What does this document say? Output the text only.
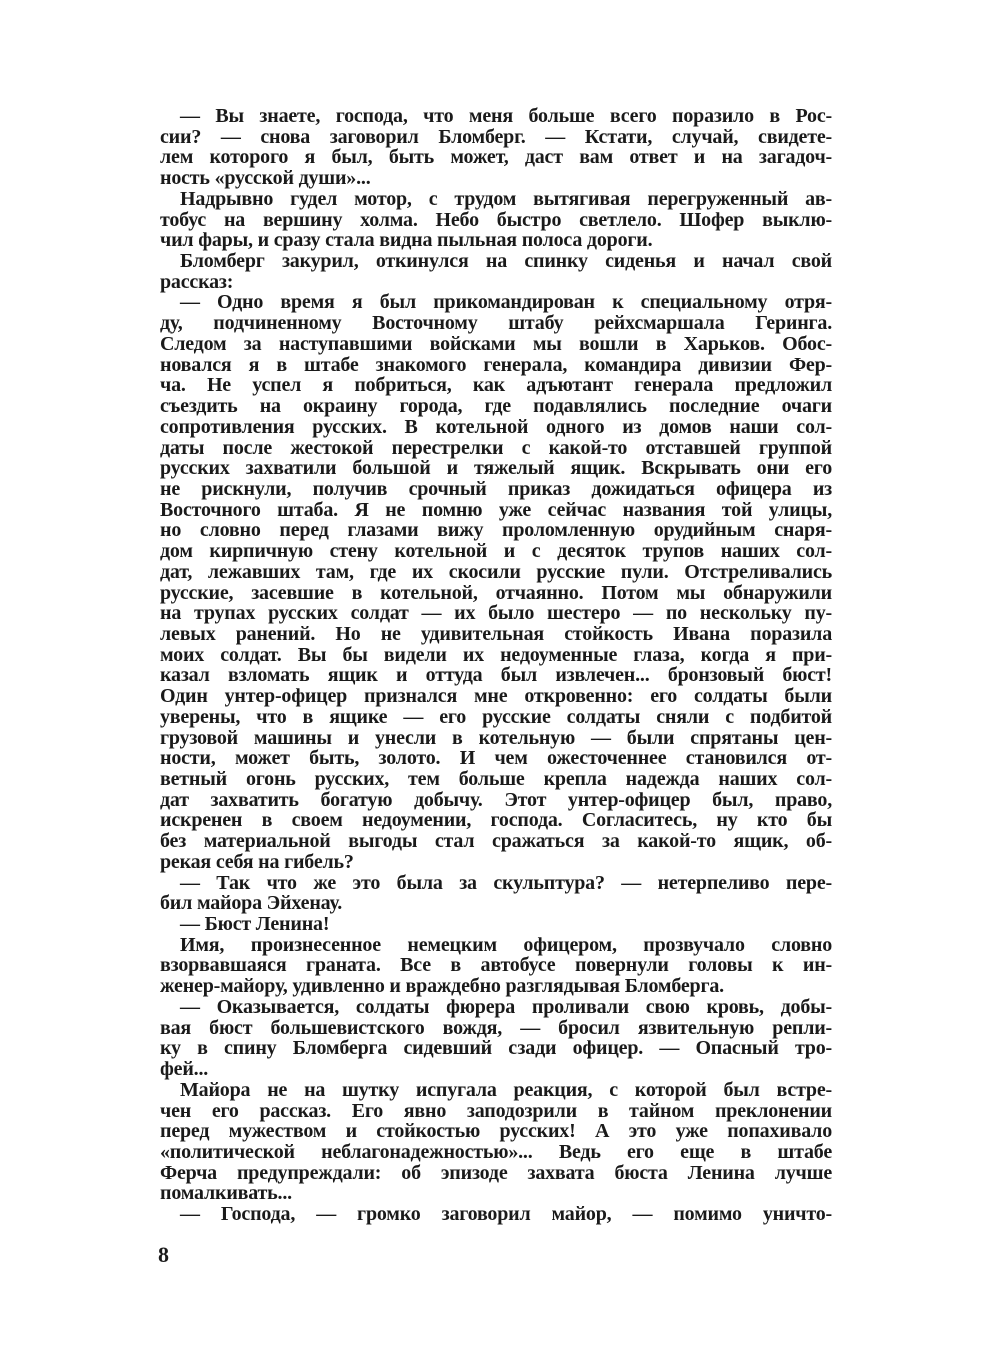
— Вы знаете, господа, что меня больше всего поразило в Рос-
сии? — снова заговорил Бломберг. — Кстати, случай, свидете-
лем которого я был, быть может, даст вам ответ и на загадоч-
ность «русской души»...
Надрывно гудел мотор, с трудом вытягивая перегруженный ав-
тобус на вершину холма. Небо быстро светлело. Шофер выклю-
чил фары, и сразу стала видна пыльная полоса дороги.
Бломберг закурил, откинулся на спинку сиденья и начал свой
рассказ:
— Одно время я был прикомандирован к специальному отря-
ду, подчиненному Восточному штабу рейхсмаршала Геринга.
Следом за наступавшими войсками мы вошли в Харьков. Обос-
новался я в штабе знакомого генерала, командира дивизии Фер-
ча. Не успел я побриться, как адъютант генерала предложил
съездить на окраину города, где подавлялись последние очаги
сопротивления русских. В котельной одного из домов наши сол-
даты после жестокой перестрелки с какой-то отставшей группой
русских захватили большой и тяжелый ящик. Вскрывать они его
не рискнули, получив срочный приказ дожидаться офицера из
Восточного штаба. Я не помню уже сейчас названия той улицы,
но словно перед глазами вижу проломленную орудийным снаря-
дом кирпичную стену котельной и с десяток трупов наших сол-
дат, лежавших там, где их скосили русские пули. Отстреливались
русские, засевшие в котельной, отчаянно. Потом мы обнаружили
на трупах русских солдат — их было шестеро — по нескольку пу-
левых ранений. Но не удивительная стойкость Ивана поразила
моих солдат. Вы бы видели их недоуменные глаза, когда я при-
казал взломать ящик и оттуда был извлечен... бронзовый бюст!
Один унтер-офицер признался мне откровенно: его солдаты были
уверены, что в ящике — его русские солдаты сняли с подбитой
грузовой машины и унесли в котельную — были спрятаны цен-
ности, может быть, золото. И чем ожесточеннее становился от-
ветный огонь русских, тем больше крепла надежда наших сол-
дат захватить богатую добычу. Этот унтер-офицер был, право,
искренен в своем недоумении, господа. Согласитесь, ну кто бы
без материальной выгоды стал сражаться за какой-то ящик, об-
рекая себя на гибель?
— Так что же это была за скульптура? — нетерпеливо пере-
бил майора Эйхенау.
— Бюст Ленина!
Имя, произнесенное немецким офицером, прозвучало словно
взорвавшаяся граната. Все в автобусе повернули головы к ин-
женер-майору, удивленно и враждебно разглядывая Бломберга.
— Оказывается, солдаты фюрера проливали свою кровь, добы-
вая бюст большевистского вождя, — бросил язвительную репли-
ку в спину Бломберга сидевший сзади офицер. — Опасный тро-
фей...
Майора не на шутку испугала реакция, с которой был встре-
чен его рассказ. Его явно заподозрили в тайном преклонении
перед мужеством и стойкостью русских! А это уже попахивало
«политической неблагонадежностью»... Ведь его еще в штабе
Ферча предупреждали: об эпизоде захвата бюста Ленина лучше
помалкивать...
— Господа, — громко заговорил майор, — помимо уничто-
8
